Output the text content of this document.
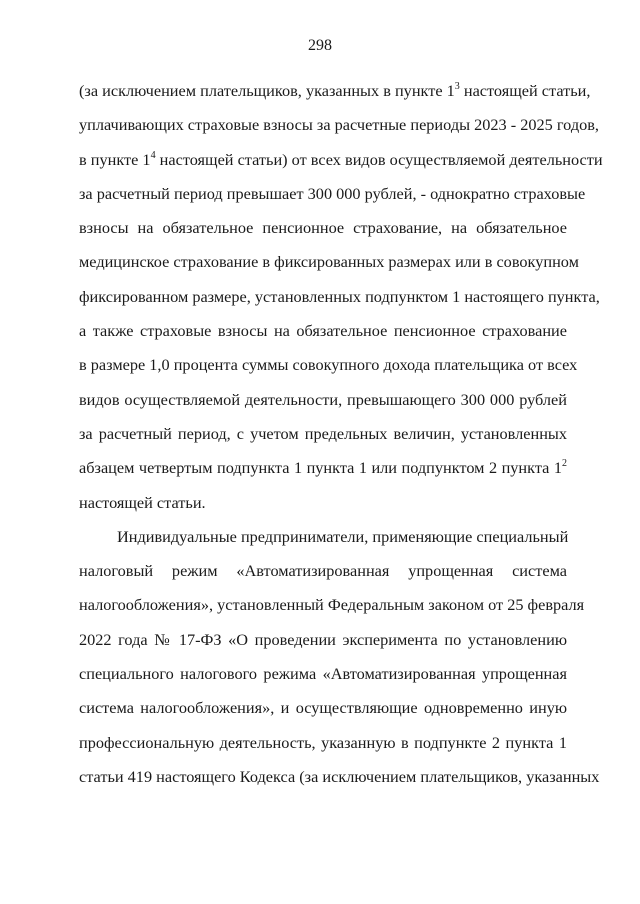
298
(за исключением плательщиков, указанных в пункте $1^3$ настоящей статьи,
уплачивающих страховые взносы за расчетные периоды 2023 - 2025 годов,
в пункте $1^4$ настоящей статьи) от всех видов осуществляемой деятельности
за расчетный период превышает 300 000 рублей, - однократно страховые
взносы на обязательное пенсионное страхование, на обязательное
медицинское страхование в фиксированных размерах или в совокупном
фиксированном размере, установленных подпунктом 1 настоящего пункта,
а также страховые взносы на обязательное пенсионное страхование
в размере 1,0 процента суммы совокупного дохода плательщика от всех
видов осуществляемой деятельности, превышающего 300 000 рублей
за расчетный период, с учетом предельных величин, установленных
абзацем четвертым подпункта 1 пункта 1 или подпунктом 2 пункта $1^2$
настоящей статьи.
Индивидуальные предприниматели, применяющие специальный
налоговый режим «Автоматизированная упрощенная система
налогообложения», установленный Федеральным законом от 25 февраля
2022 года № 17-ФЗ «О проведении эксперимента по установлению
специального налогового режима «Автоматизированная упрощенная
система налогообложения», и осуществляющие одновременно иную
профессиональную деятельность, указанную в подпункте 2 пункта 1
статьи 419 настоящего Кодекса (за исключением плательщиков, указанных
